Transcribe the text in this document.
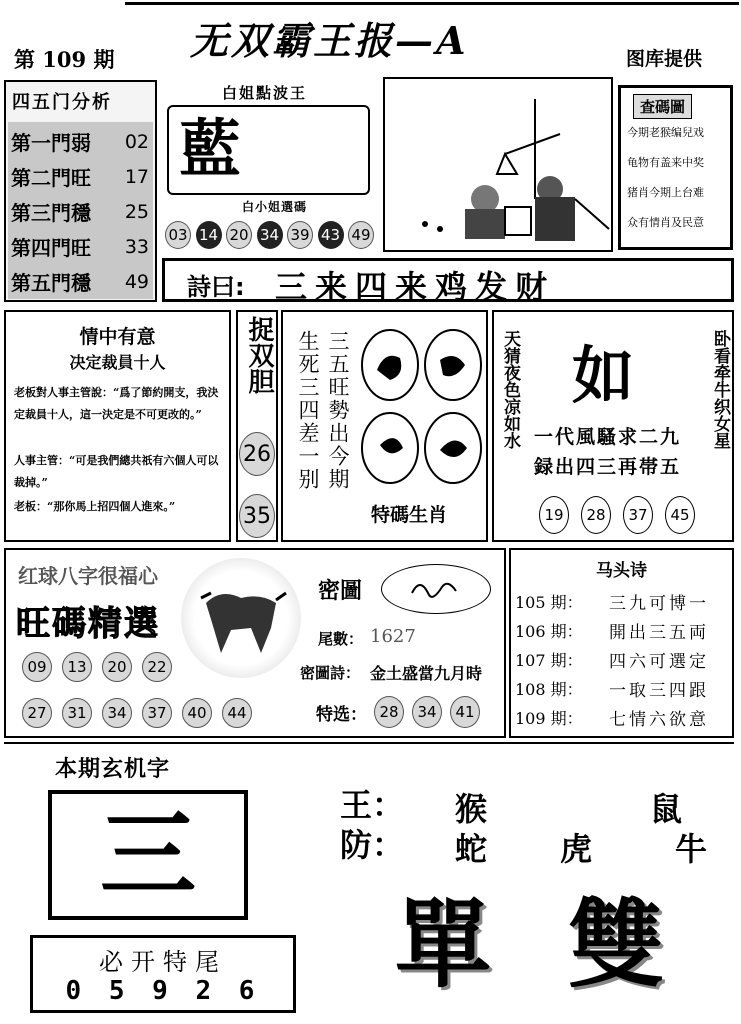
无双霸王报—A
第 109 期	图库提供
四五门分析
第一門弱 02
第二門旺 17
第三門穩 25
第四門旺 33
第五門穩 49
白姐點波王
藍
白小姐選碼
03 14 20 34 39 43 49
查碼圖
今期老猴编兒戏
龟物有盖来中奖
猪肖今期上台难
众有情肖及民意
詩曰: 三来四来鸡发财
情中有意
决定裁員十人
老板對人事主管說：“爲了節約開支，我決定裁員十人，這一決定是不可更改的。”
人事主管：“可是我們總共祇有六個人可以裁掉。”
老板：“那你馬上招四個人進來。”
捉双胆
26
35
生死三四差一别 三五旺勢出今期
特碼生肖
天猜夜色凉如水	卧看牵牛织女星
如
一代風騷求二九
録出四三再帯五
19	28	37	45
红球八字很福心
旺碼精選
09	13	20	22
27	31	34	37	40	44
密圖
尾數： 1627
密圖詩： 金土盛當九月時
特选： 28	34	41
马头诗
105 期： 三九可博一
106 期： 開出三五両
107 期： 四六可選定
108 期： 一取三四跟
109 期： 七情六欲意
本期玄机字
三
必开特尾
0 5 9 2 6
王： 猴	鼠
防： 蛇 虎	牛
單 雙
